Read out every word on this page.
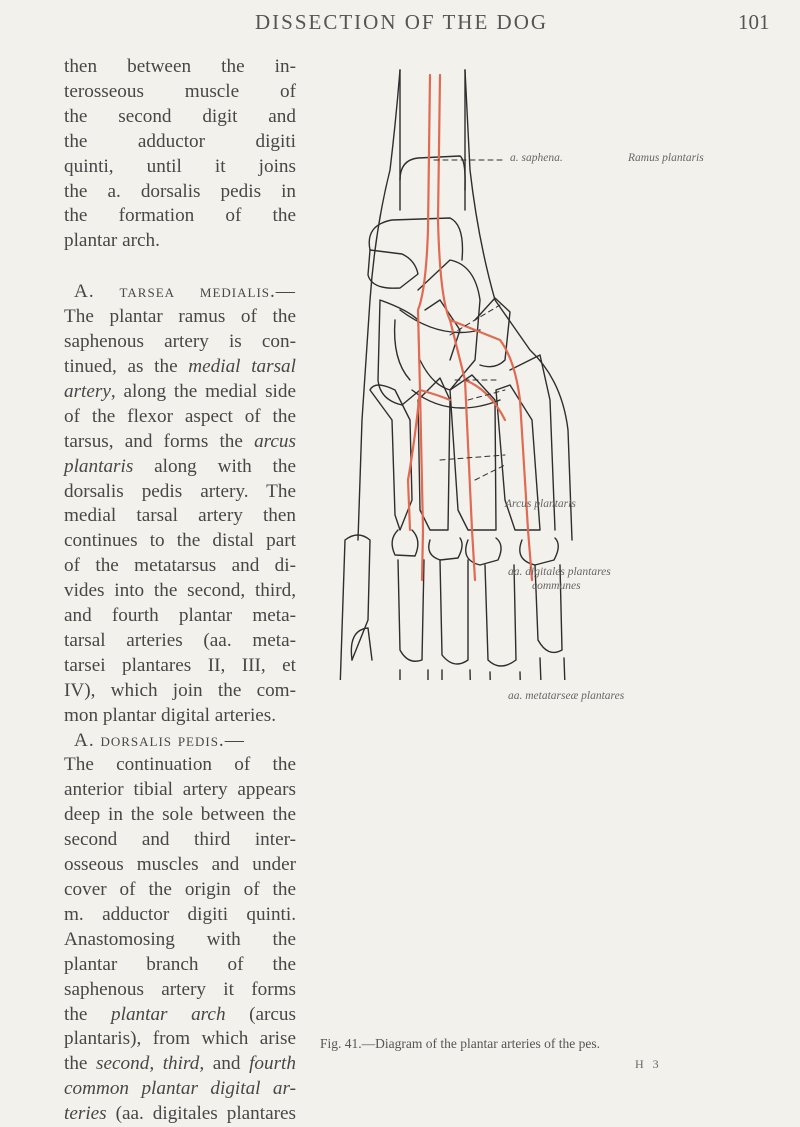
DISSECTION OF THE DOG	101
then between the in-
terosseous muscle of
the second digit and
the adductor digiti
quinti, until it joins
the a. dorsalis pedis in
the formation of the
plantar arch.
A. tarsea medialis.—
The plantar ramus of the
saphenous artery is con-
tinued, as the medial tarsal
artery, along the medial side
of the flexor aspect of the
tarsus, and forms the arcus
plantaris along with the
dorsalis pedis artery. The
medial tarsal artery then
continues to the distal part
of the metatarsus and di-
vides into the second, third,
and fourth plantar meta-
tarsal arteries (aa. meta-
tarsei plantares II, III, et
IV), which join the com-
mon plantar digital arteries.
A. dorsalis pedis.—
The continuation of the
anterior tibial artery appears
deep in the sole between the
second and third inter-
osseous muscles and under
cover of the origin of the
m. adductor digiti quinti.
Anastomosing with the
plantar branch of the
saphenous artery it forms
the plantar arch (arcus
plantaris), from which arise
the second, third, and fourth
common plantar digital ar-
teries (aa. digitales plantares
a. saphena.	Ramus plantaris
Arcus plantaris
aa. digitales plantares
communes
aa. metatarseæ plantares
Fig. 41.—Diagram of the plantar arteries of the pes.
H 3
